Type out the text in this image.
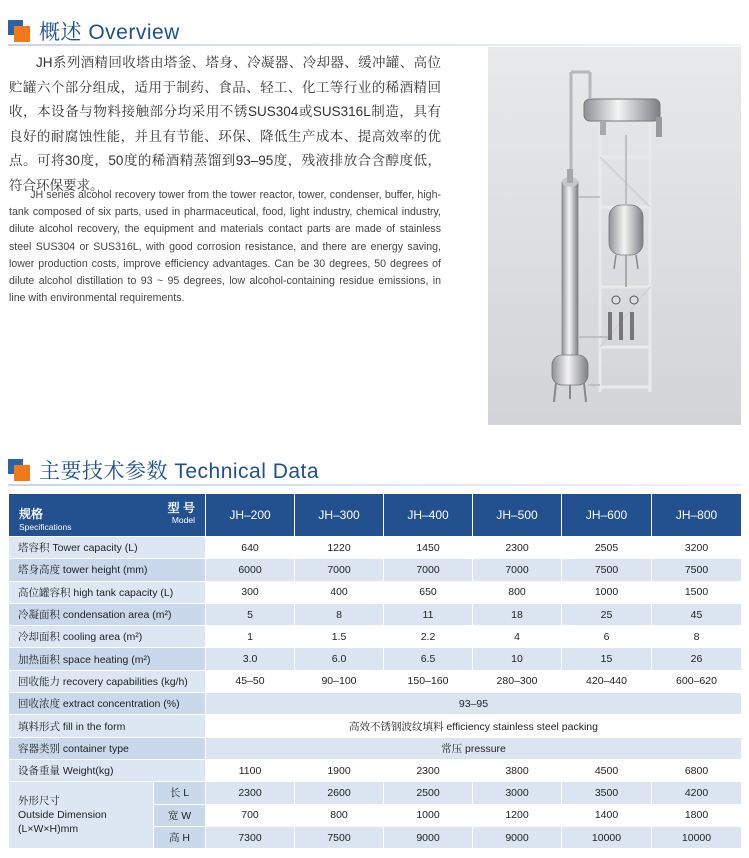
概述 Overview

JH系列酒精回收塔由塔釜、塔身、冷凝器、冷却器、缓冲罐、高位贮罐六个部分组成，适用于制药、食品、轻工、化工等行业的稀酒精回收，本设备与物料接触部分均采用不锈SUS304或SUS316L制造，具有良好的耐腐蚀性能，并且有节能、环保、降低生产成本、提高效率的优点。可将30度，50度的稀酒精蒸馏到93–95度，残液排放合含醇度低，符合环保要求。

JH series alcohol recovery tower from the tower reactor, tower, condenser, buffer, high-tank composed of six parts, used in pharmaceutical, food, light industry, chemical industry, dilute alcohol recovery, the equipment and materials contact parts are made of stainless steel SUS304 or SUS316L, with good corrosion resistance, and there are energy saving, lower production costs, improve efficiency advantages. Can be 30 degrees, 50 degrees of dilute alcohol distillation to 93 ~ 95 degrees, low alcohol-containing residue emissions, in line with environmental requirements.

主要技术参数 Technical Data
规格
Specifications
型 号
Model		JH–200	JH–300	JH–400	JH–500	JH–600	JH–800
塔容积 Tower capacity (L)		640	1220	1450	2300	2505	3200
塔身高度 tower height (mm)		6000	7000	7000	7000	7500	7500
高位罐容积 high tank capacity (L)		300	400	650	800	1000	1500
冷凝面积 condensation area (m²)		5	8	11	18	25	45
冷却面积 cooling area (m²)		1	1.5	2.2	4	6	8
加热面积 space heating (m²)		3.0	6.0	6.5	10	15	26
回收能力 recovery capabilities (kg/h)		45–50	90–100	150–160	280–300	420–440	600–620
回收浓度 extract concentration (%)		93–95					
填料形式 fill in the form		高效不锈钢波纹填料 efficiency stainless steel packing					
容器类别 container type		常压 pressure					
设备重量 Weight(kg)		1100	1900	2300	3800	4500	6800

外形尺寸
Outside Dimension
(L×W×H)mm	长 L	2300	2600	2500	3000	3500	4200
	宽 W	700	800	1000	1200	1400	1800
	高 H	7300	7500	9000	9000	10000	10000
